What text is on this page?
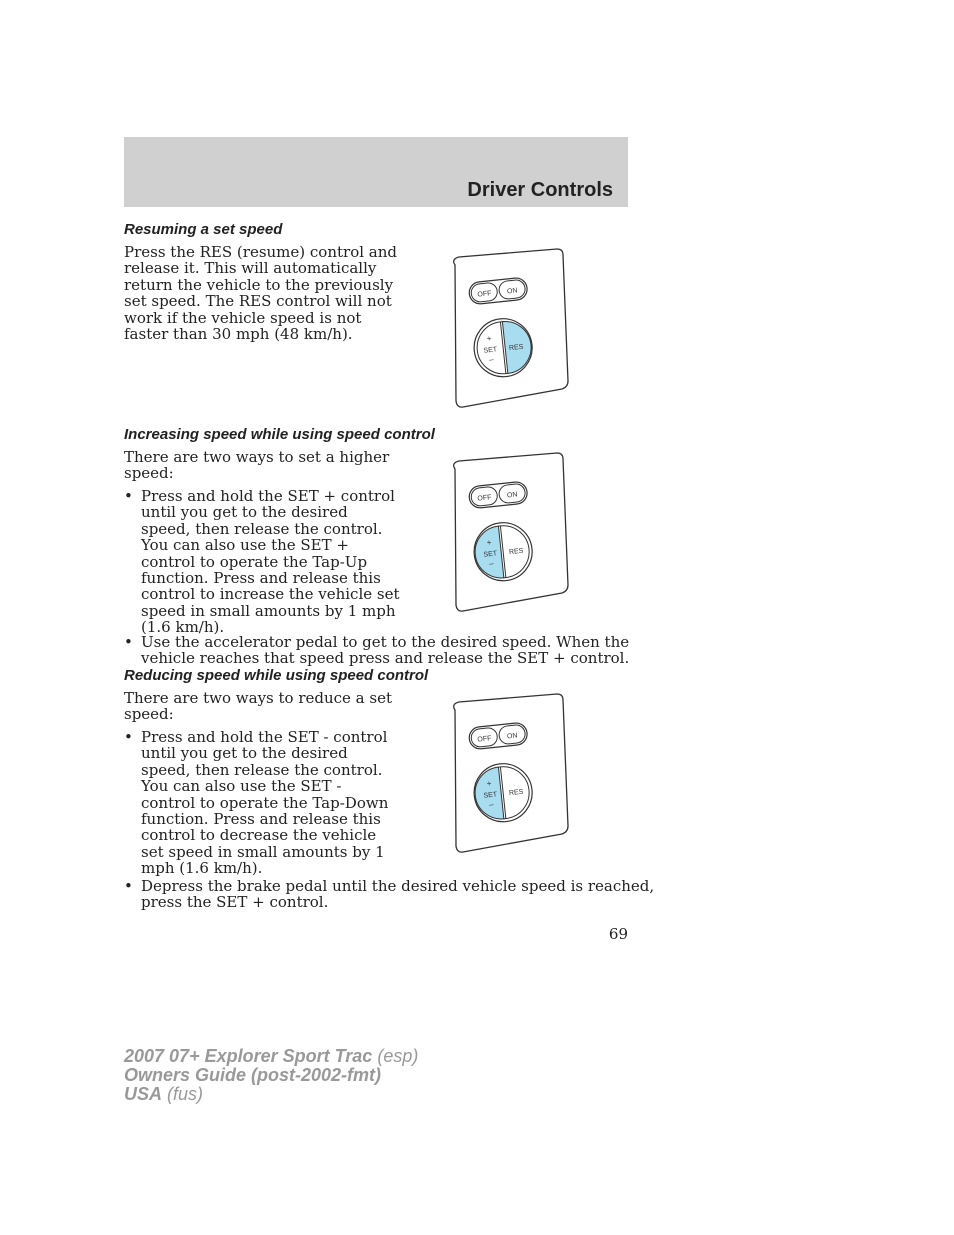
Driver Controls
Resuming a set speed
Press the RES (resume) control and
release it. This will automatically
return the vehicle to the previously
set speed. The RES control will not
work if the vehicle speed is not
faster than 30 mph (48 km/h).
OFF ON
+
SET
–
RES
Increasing speed while using speed control
There are two ways to set a higher
speed:
• Press and hold the SET + control
until you get to the desired
speed, then release the control.
You can also use the SET +
control to operate the Tap-Up
function. Press and release this
control to increase the vehicle set
speed in small amounts by 1 mph
(1.6 km/h).
• Use the accelerator pedal to get to the desired speed. When the
vehicle reaches that speed press and release the SET + control.
OFF ON
+
SET
–
RES
Reducing speed while using speed control
There are two ways to reduce a set
speed:
• Press and hold the SET - control
until you get to the desired
speed, then release the control.
You can also use the SET -
control to operate the Tap-Down
function. Press and release this
control to decrease the vehicle
set speed in small amounts by 1
mph (1.6 km/h).
• Depress the brake pedal until the desired vehicle speed is reached,
press the SET + control.
OFF ON
+
SET
–
RES
69
2007 07+ Explorer Sport Trac (esp)
Owners Guide (post-2002-fmt)
USA (fus)
